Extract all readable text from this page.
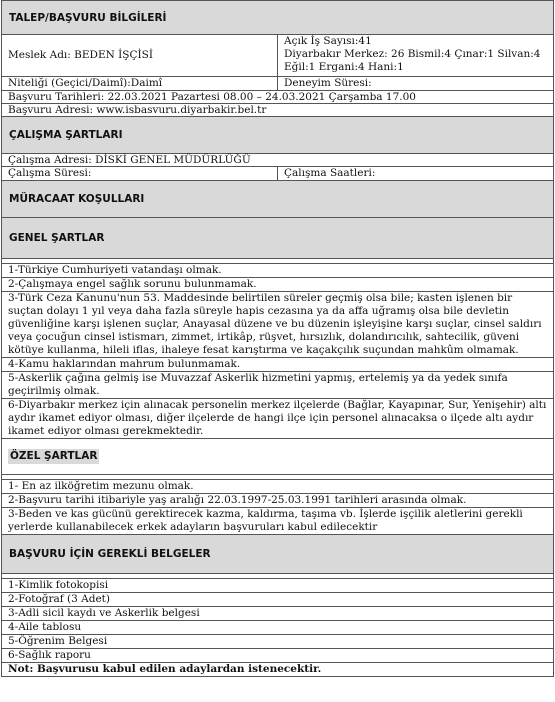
TALEP/BAŞVURU BİLGİLERİ
Meslek Adı: BEDEN İŞÇİSİ
Açık İş Sayısı:41
Diyarbakır Merkez: 26 Bismil:4 Çınar:1 Silvan:4
Eğil:1 Ergani:4 Hani:1
Niteliği (Geçici/Daimî):Daimî	Deneyim Süresi:
Başvuru Tarihleri: 22.03.2021 Pazartesi 08.00 – 24.03.2021 Çarşamba 17.00
Başvuru Adresi: www.isbasvuru.diyarbakir.bel.tr
ÇALIŞMA ŞARTLARI
Çalışma Adresi: DİSKİ GENEL MÜDÜRLÜĞÜ
Çalışma Süresi:	Çalışma Saatleri:
MÜRACAAT KOŞULLARI
GENEL ŞARTLAR
1-Türkiye Cumhuriyeti vatandaşı olmak.
2-Çalışmaya engel sağlık sorunu bulunmamak.
3-Türk Ceza Kanunu'nun 53. Maddesinde belirtilen süreler geçmiş olsa bile; kasten işlenen bir suçtan dolayı 1 yıl veya daha fazla süreyle hapis cezasına ya da affa uğramış olsa bile devletin güvenliğine karşı işlenen suçlar, Anayasal düzene ve bu düzenin işleyişine karşı suçlar, cinsel saldırı veya çocuğun cinsel istismarı, zimmet, irtikâp, rüşvet, hırsızlık, dolandırıcılık, sahtecilik, güveni kötüye kullanma, hileli iflas, ihaleye fesat karıştırma ve kaçakçılık suçundan mahkûm olmamak.
4-Kamu haklarından mahrum bulunmamak.
5-Askerlik çağına gelmiş ise Muvazzaf Askerlik hizmetini yapmış, ertelemiş ya da yedek sınıfa geçirilmiş olmak.
6-Diyarbakır merkez için alınacak personelin merkez ilçelerde (Bağlar, Kayapınar, Sur, Yenişehir) altı aydır ikamet ediyor olması, diğer ilçelerde de hangi ilçe için personel alınacaksa o ilçede altı aydır ikamet ediyor olması gerekmektedir.
ÖZEL ŞARTLAR
1- En az ilköğretim mezunu olmak.
2-Başvuru tarihi itibariyle yaş aralığı 22.03.1997-25.03.1991 tarihleri arasında olmak.
3-Beden ve kas gücünü gerektirecek kazma, kaldırma, taşıma vb. İşlerde işçilik aletlerini gerekli yerlerde kullanabilecek erkek adayların başvuruları kabul edilecektir
BAŞVURU İÇİN GEREKLİ BELGELER
1-Kimlik fotokopisi
2-Fotoğraf (3 Adet)
3-Adli sicil kaydı ve Askerlik belgesi
4-Aile tablosu
5-Öğrenim Belgesi
6-Sağlık raporu
Not: Başvurusu kabul edilen adaylardan istenecektir.
